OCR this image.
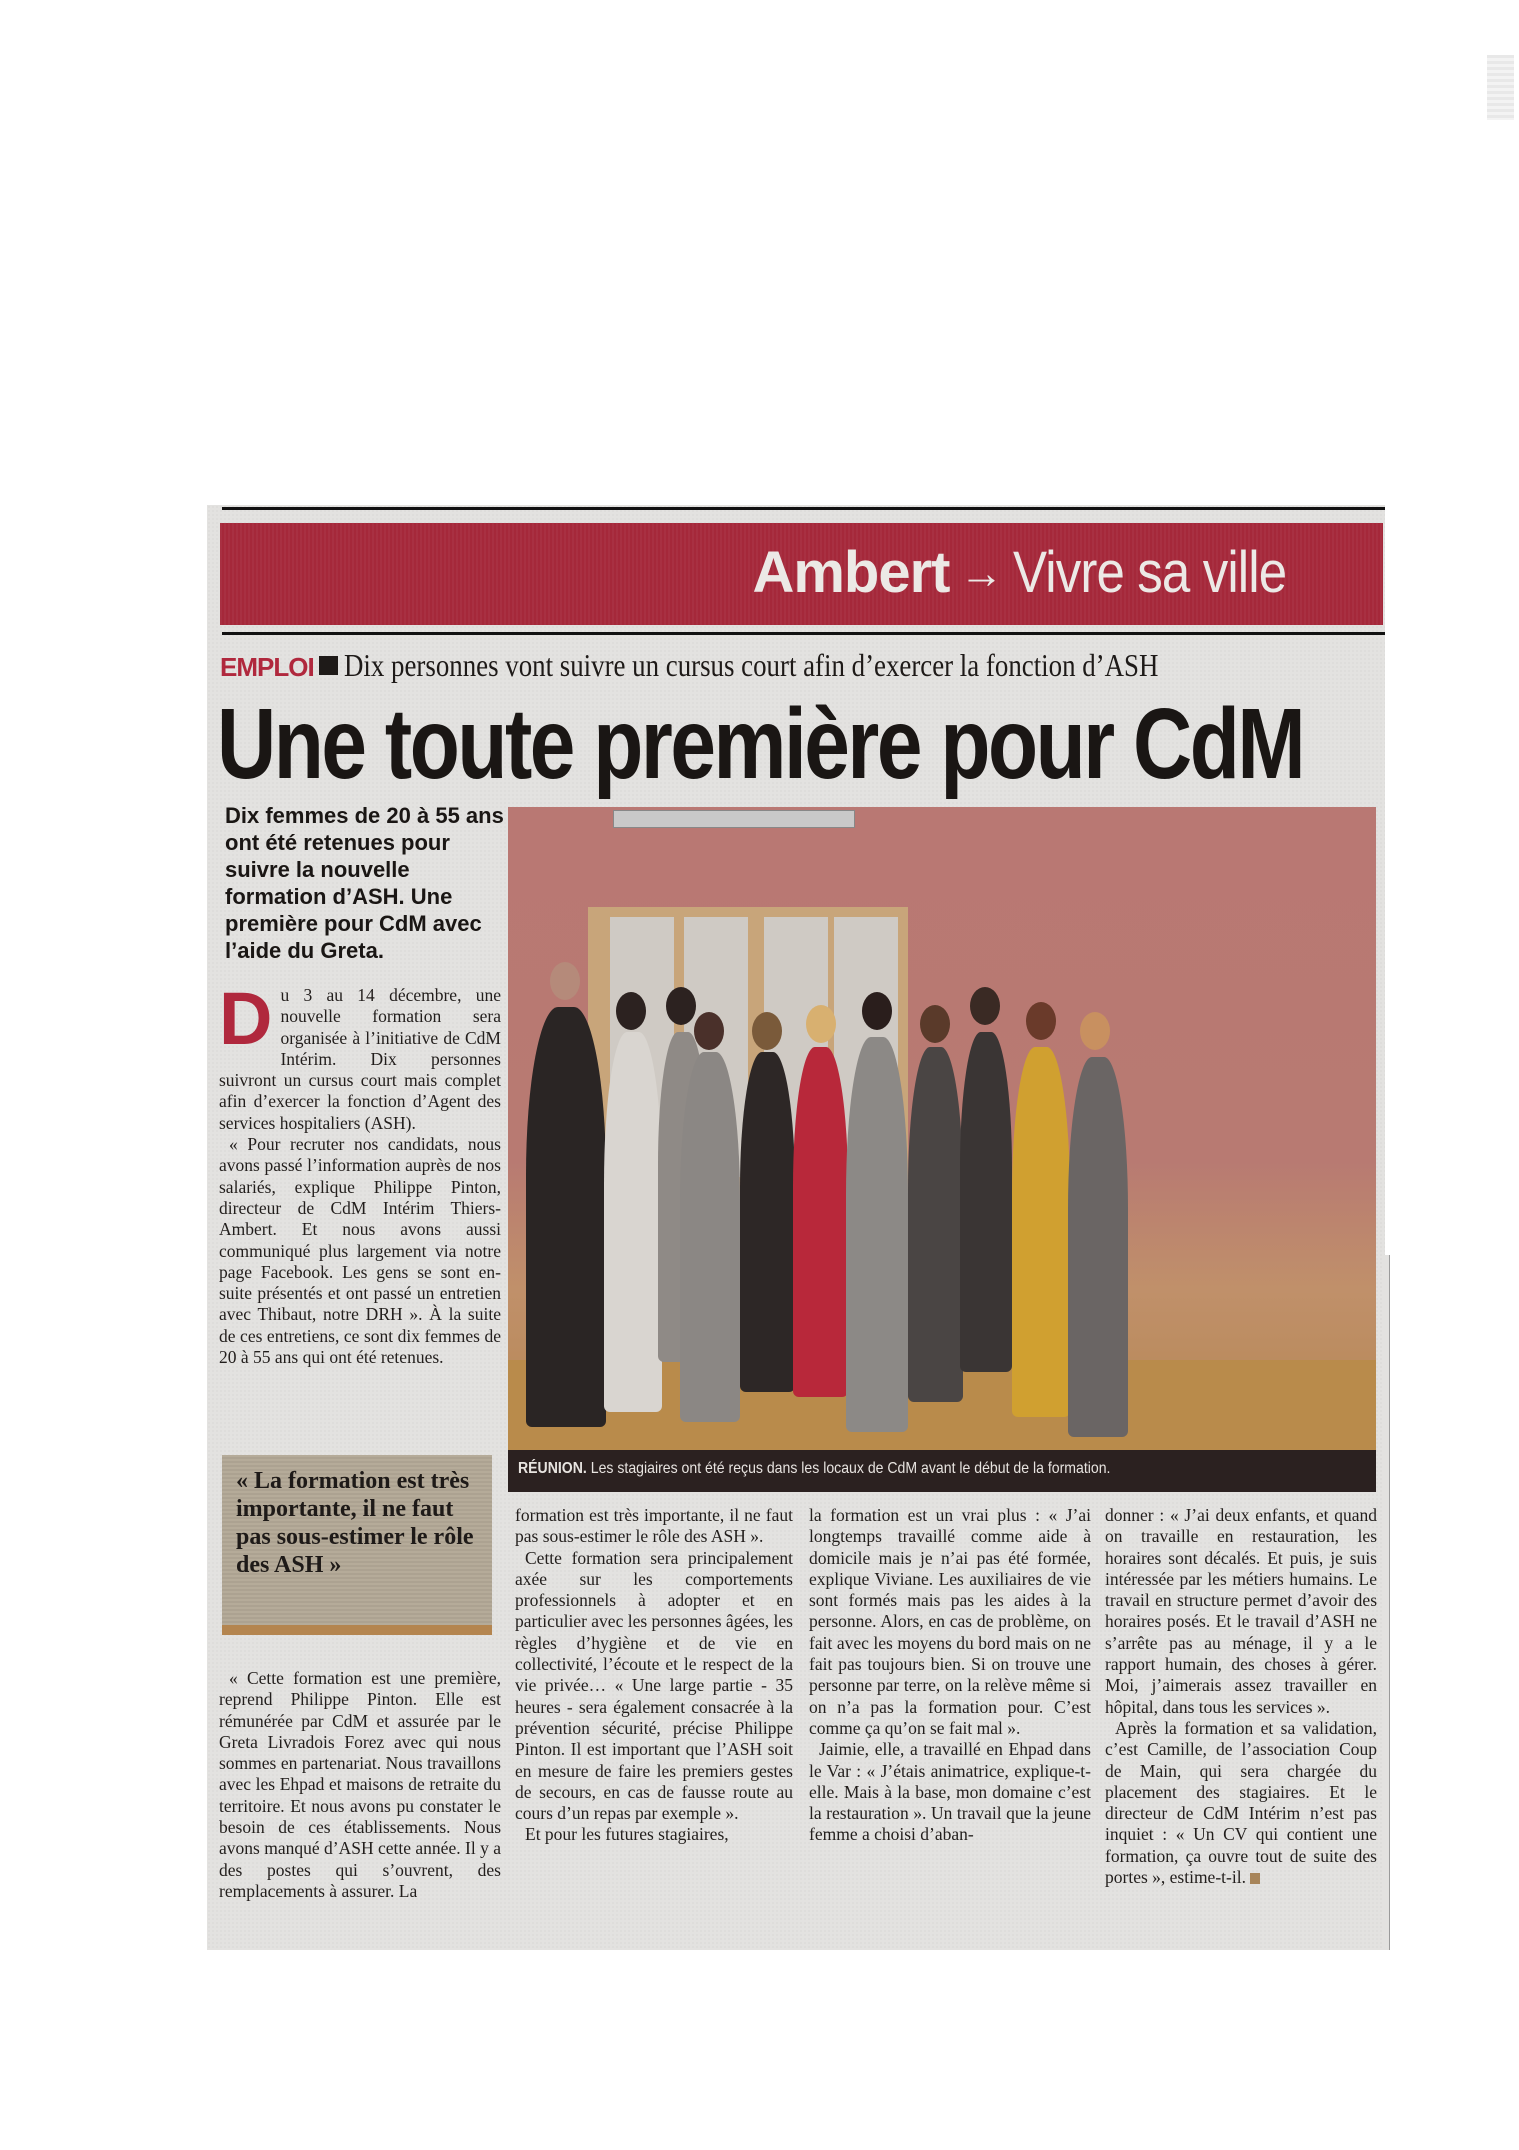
Ambert → Vivre sa ville
EMPLOI Dix personnes vont suivre un cursus court afin d’exercer la fonction d’ASH
Une toute première pour CdM
Dix femmes de 20 à 55 ans ont été retenues pour suivre la nouvelle formation d’ASH. Une première pour CdM avec l’aide du Greta.
D u 3 au 14 décembre, une nouvelle formation sera organisée à l’initiative de CdM Intérim. Dix personnes suivront un cursus court mais complet afin d’exercer la fonction d’Agent des services hospitaliers (ASH).

« Pour recruter nos candidats, nous avons passé l’information auprès de nos salariés, explique Philippe Pinton, directeur de CdM Intérim Thiers-Ambert. Et nous avons aussi communiqué plus largement via notre page Facebook. Les gens se sont ensuite présentés et ont passé un entretien avec Thibaut, notre DRH ». À la suite de ces entretiens, ce sont dix femmes de 20 à 55 ans qui ont été retenues.

RÉUNION. Les stagiaires ont été reçus dans les locaux de CdM avant le début de la formation.
« La formation est très importante, il ne faut pas sous-estimer le rôle des ASH »

« Cette formation est une première, reprend Philippe Pinton. Elle est rémunérée par CdM et assurée par le Greta Livradois Forez avec qui nous sommes en partenariat. Nous travaillons avec les Ehpad et maisons de retraite du territoire. Et nous avons pu constater le besoin de ces établissements. Nous avons manqué d’ASH cette année. Il y a des postes qui s’ouvrent, des remplacements à assurer. La

formation est très importante, il ne faut pas sous-estimer le rôle des ASH ».

Cette formation sera principalement axée sur les comportements professionnels à adopter et en particulier avec les personnes âgées, les règles d’hygiène et de vie en collectivité, l’écoute et le respect de la vie privée… « Une large partie - 35 heures - sera également consacrée à la prévention sécurité, précise Philippe Pinton. Il est important que l’ASH soit en mesure de faire les premiers gestes de secours, en cas de fausse route au cours d’un repas par exemple ».

Et pour les futures stagiaires,

la formation est un vrai plus : « J’ai longtemps travaillé comme aide à domicile mais je n’ai pas été formée, explique Viviane. Les auxiliaires de vie sont formés mais pas les aides à la personne. Alors, en cas de problème, on fait avec les moyens du bord mais on ne fait pas toujours bien. Si on trouve une personne par terre, on la relève même si on n’a pas la formation pour. C’est comme ça qu’on se fait mal ».

Jaimie, elle, a travaillé en Ehpad dans le Var : « J’étais animatrice, explique-t-elle. Mais à la base, mon domaine c’est la restauration ». Un travail que la jeune femme a choisi d’aban-

donner : « J’ai deux enfants, et quand on travaille en restauration, les horaires sont décalés. Et puis, je suis intéressée par les métiers humains. Le travail en structure permet d’avoir des horaires posés. Et le travail d’ASH ne s’arrête pas au ménage, il y a le rapport humain, des choses à gérer. Moi, j’aimerais assez travailler en hôpital, dans tous les services ».

Après la formation et sa validation, c’est Camille, de l’association Coup de Main, qui sera chargée du placement des stagiaires. Et le directeur de CdM Intérim n’est pas inquiet : « Un CV qui contient une formation, ça ouvre tout de suite des portes », estime-t-il.
